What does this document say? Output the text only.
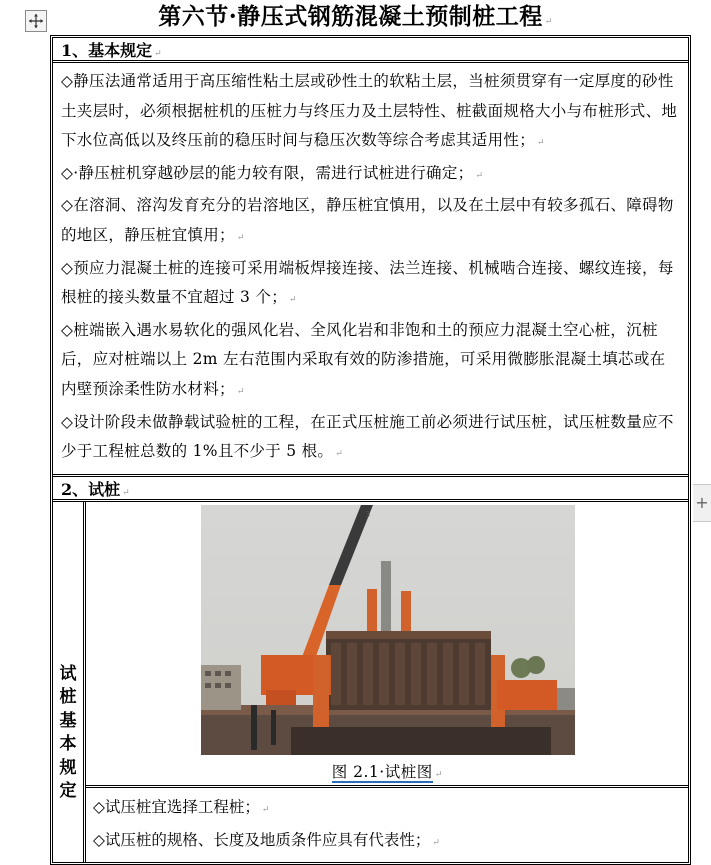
第六节·静压式钢筋混凝土预制桩工程 ↵
1、基本规定 ↵

◇静压法通常适用于高压缩性粘土层或砂性土的软粘土层，当桩须贯穿有一定厚度的砂性土夹层时，必须根据桩机的压桩力与终压力及土层特性、桩截面规格大小与布桩形式、地下水位高低以及终压前的稳压时间与稳压次数等综合考虑其适用性； ↵

◇·静压桩机穿越砂层的能力较有限，需进行试桩进行确定； ↵

◇在溶洞、溶沟发育充分的岩溶地区，静压桩宜慎用，以及在土层中有较多孤石、障碍物的地区，静压桩宜慎用； ↵

◇预应力混凝土桩的连接可采用端板焊接连接、法兰连接、机械啮合连接、螺纹连接，每根桩的接头数量不宜超过 3 个； ↵

◇桩端嵌入遇水易软化的强风化岩、全风化岩和非饱和土的预应力混凝土空心桩，沉桩后，应对桩端以上 2m 左右范围内采取有效的防渗措施，可采用微膨胀混凝土填芯或在内壁预涂柔性防水材料； ↵

◇设计阶段未做静载试验桩的工程，在正式压桩施工前必须进行试压桩，试压桩数量应不少于工程桩总数的 1%且不少于 5 根。 ↵

2、试桩 ↵
试
桩
基
本
规
定
3
图 2.1·试桩图 ↵
◇试压桩宜选择工程桩； ↵
◇试压桩的规格、长度及地质条件应具有代表性； ↵
+
